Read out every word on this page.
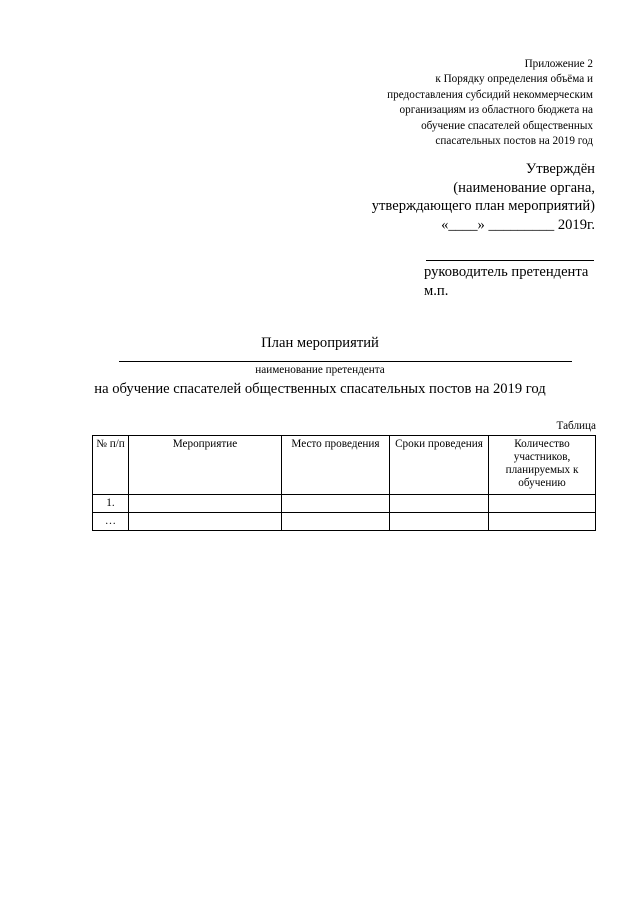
Приложение 2
к Порядку определения объёма и
предоставления субсидий некоммерческим
организациям из областного бюджета на
обучение спасателей общественных
спасательных постов на 2019 год
Утверждён
(наименование органа,
утверждающего план мероприятий)
«____» _________ 2019г.
руководитель претендента
м.п.
План мероприятий
наименование претендента
на обучение спасателей общественных спасательных постов на 2019 год
Таблица
№ п/п	Мероприятие	Место проведения	Сроки проведения	Количество участников, планируемых к обучению
1.				
…				
